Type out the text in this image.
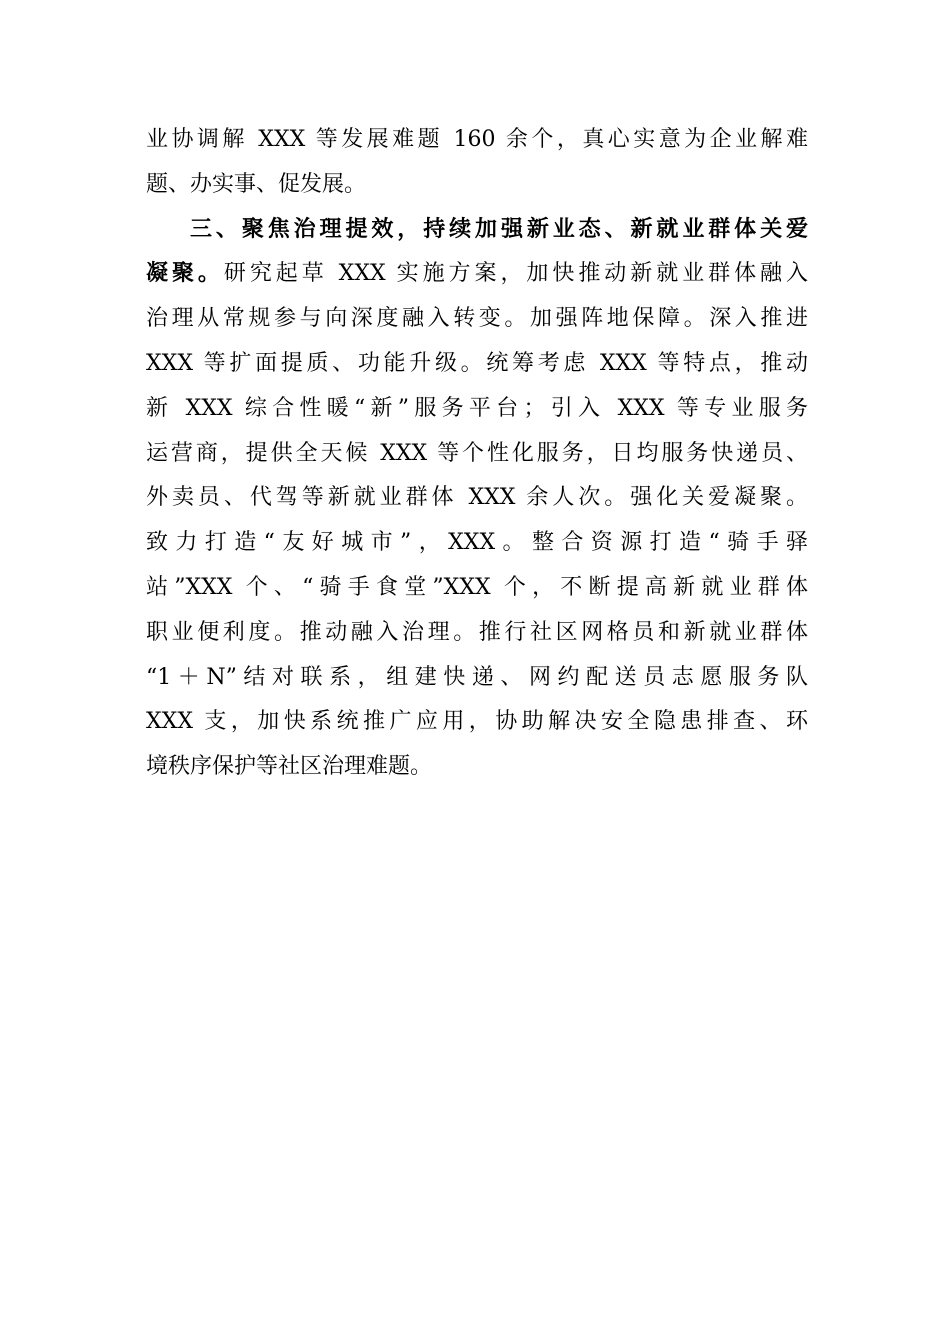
业协调解 XXX 等发展难题 160 余个，真心实意为企业解难
题、办实事、促发展。
三、聚焦治理提效，持续加强新业态、新就业群体关爱
凝聚。研究起草 XXX 实施方案，加快推动新就业群体融入
治理从常规参与向深度融入转变。加强阵地保障。深入推进
XXX 等扩面提质、功能升级。统筹考虑 XXX 等特点，推动
新 XXX 综合性暖“新”服务平台；引入 XXX 等专业服务
运营商，提供全天候 XXX 等个性化服务，日均服务快递员、
外卖员、代驾等新就业群体 XXX 余人次。强化关爱凝聚。
致力打造“友好城市”，XXX。整合资源打造“骑手驿
站”XXX 个、“骑手食堂”XXX 个，不断提高新就业群体
职业便利度。推动融入治理。推行社区网格员和新就业群体
“1＋N”结对联系，组建快递、网约配送员志愿服务队
XXX 支，加快系统推广应用，协助解决安全隐患排查、环
境秩序保护等社区治理难题。
